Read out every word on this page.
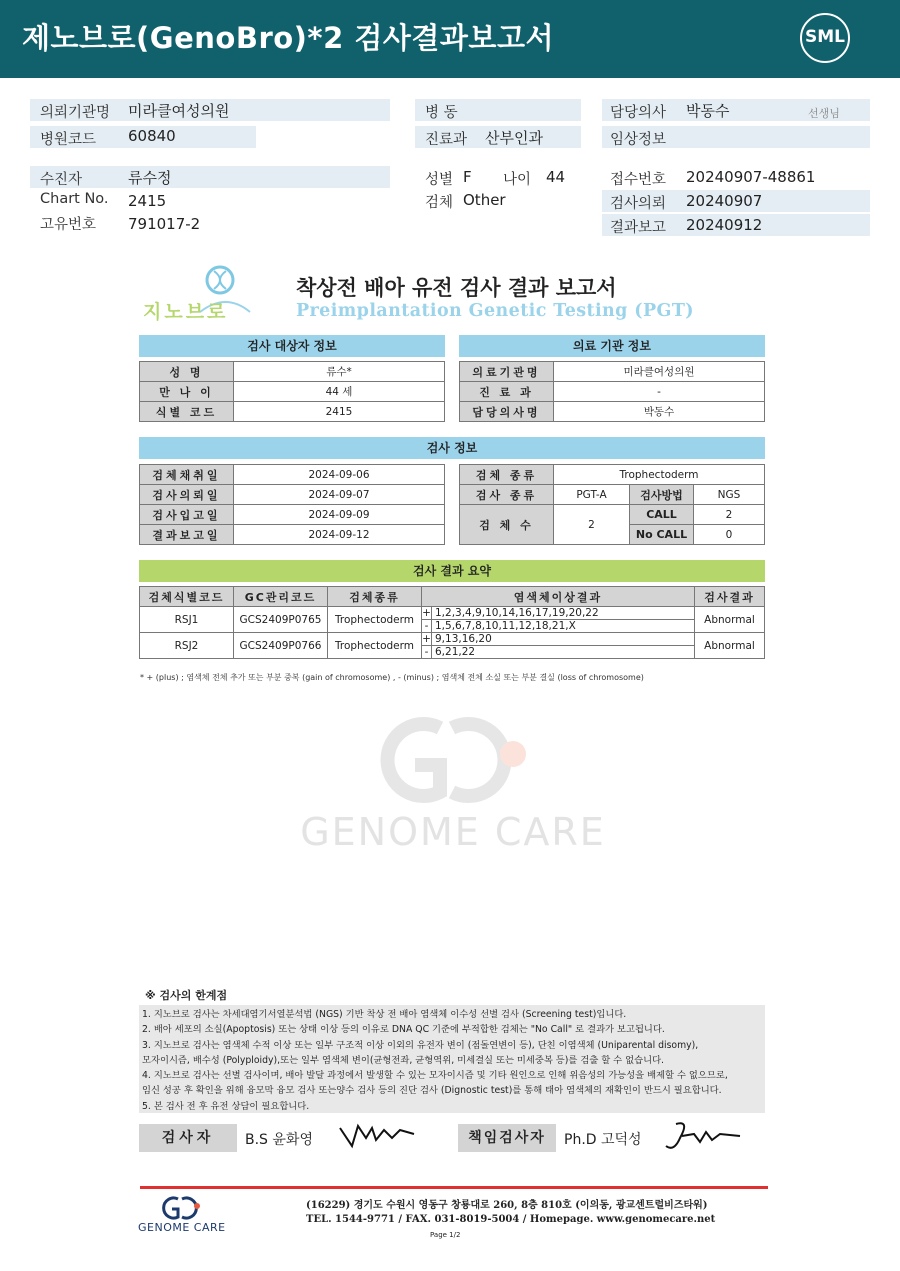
제노브로(GenoBro)*2 검사결과보고서	SML
의뢰기관명 미라클여성의원
병원코드 60840
병 동
진료과 산부인과
담당의사 박동수	선생님
임상정보
수진자	류수정
Chart No. 2415
고유번호 791017-2
성별 F 나이 44
검체 Other
접수번호 20240907-48861
검사의뢰 20240907
결과보고 20240912
지노브로
착상전 배아 유전 검사 결과 보고서
Preimplantation Genetic Testing (PGT)
검사 대상자 정보	의료 기관 정보
성 명	류수*
만 나 이	44 세
식별 코드	2415
의료기관명	미라클여성의원
진 료 과	-
담당의사명	박동수
검사 정보
검체채취일	2024-09-06
검사의뢰일	2024-09-07
검사입고일	2024-09-09
결과보고일	2024-09-12
검체 종류	Trophectoderm		
검사 종류	PGT-A	검사방법	NGS
검 체 수	2	CALL	2
		No CALL	0
검사 결과 요약
검체식별코드	GC관리코드	검체종류	염색체이상결과		검사결과
RSJ1	GCS2409P0765	Trophectoderm	+	1,2,3,4,9,10,14,16,17,19,20,22	Abnormal
			-	1,5,6,7,8,10,11,12,18,21,X	
RSJ2	GCS2409P0766	Trophectoderm	+	9,13,16,20	Abnormal
			-	6,21,22	
* + (plus) ; 염색체 전체 추가 또는 부분 중복 (gain of chromosome) , - (minus) ; 염색체 전체 소실 또는 부분 결실 (loss of chromosome)
GENOME CARE
※ 검사의 한계점

1. 지노브로 검사는 차세대염기서열분석법 (NGS) 기반 착상 전 배아 염색체 이수성 선별 검사 (Screening test)입니다.

2. 배아 세포의 소실(Apoptosis) 또는 상태 이상 등의 이유로 DNA QC 기준에 부적합한 검체는 "No Call" 로 결과가 보고됩니다.

3. 지노브로 검사는 염색체 수적 이상 또는 일부 구조적 이상 이외의 유전자 변이 (점돌연변이 등), 단친 이염색체 (Uniparental disomy),

모자이시즘, 배수성 (Polyploidy),또는 일부 염색체 변이(균형전좌, 균형역위, 미세결실 또는 미세중복 등)를 검출 할 수 없습니다.

4. 지노브로 검사는 선별 검사이며, 배아 발달 과정에서 발생할 수 있는 모자이시즘 및 기타 원인으로 인해 위음성의 가능성을 배제할 수 없으므로,

임신 성공 후 확인을 위해 융모막 융모 검사 또는양수 검사 등의 진단 검사 (Dignostic test)를 통해 태아 염색체의 재확인이 반드시 필요합니다.

5. 본 검사 전 후 유전 상담이 필요합니다.

검사자	B.S 윤화영	책임검사자	Ph.D 고덕성
GENOME CARE
(16229) 경기도 수원시 영동구 창룡대로 260, 8층 810호 (이의동, 광교센트럴비즈타워)
TEL. 1544-9771 / FAX. 031-8019-5004 / Homepage. www.genomecare.net
Page 1/2
